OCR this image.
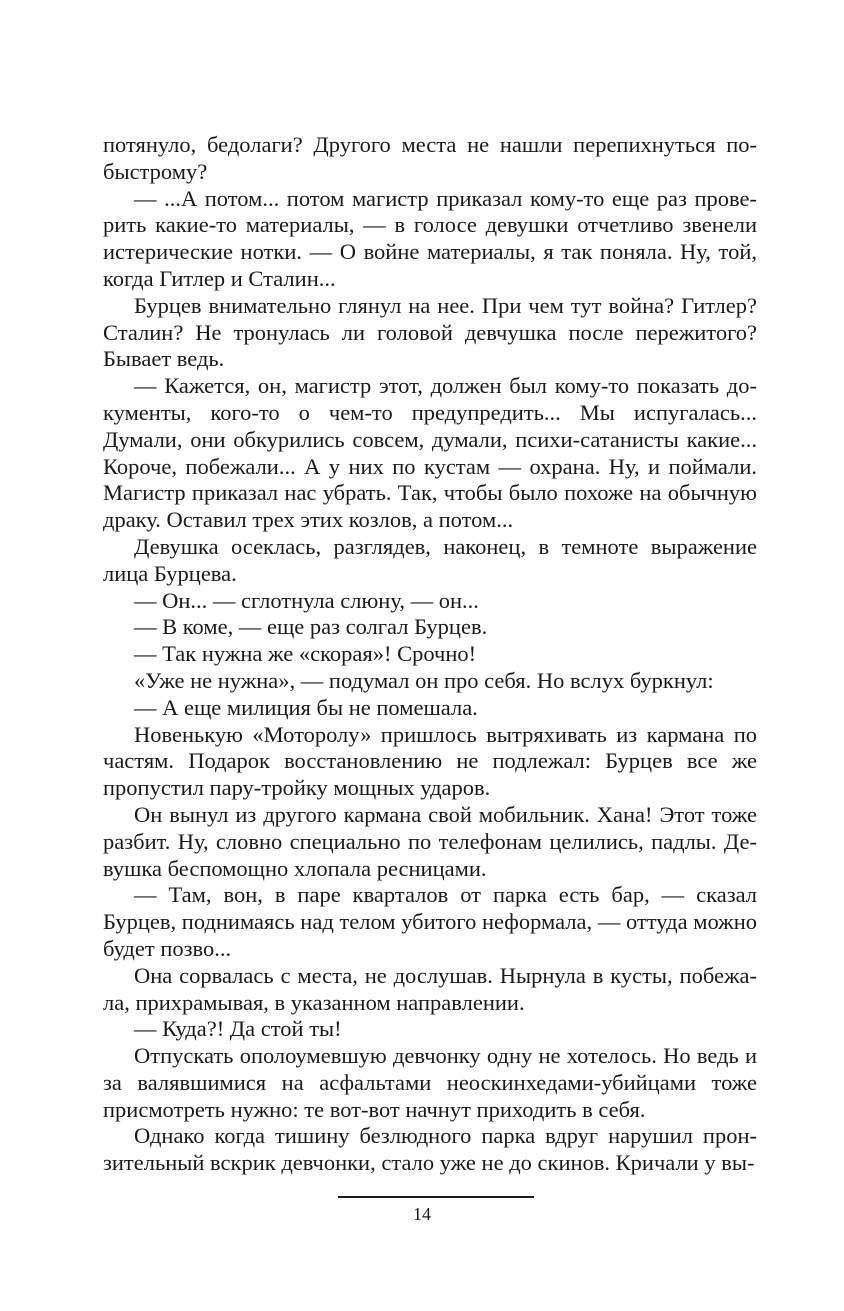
потянуло, бедолаги? Другого места не нашли перепихнуться побыстрому?

— ...А потом... потом магистр приказал кому-то еще раз проверить какие-то материалы, — в голосе девушки отчетливо звенели истерические нотки. — О войне материалы, я так поняла. Ну, той, когда Гитлер и Сталин...

Бурцев внимательно глянул на нее. При чем тут война? Гитлер? Сталин? Не тронулась ли головой девчушка после пережитого? Бывает ведь.

— Кажется, он, магистр этот, должен был кому-то показать документы, кого-то о чем-то предупредить... Мы испугалась... Думали, они обкурились совсем, думали, психи-сатанисты какие... Короче, побежали... А у них по кустам — охрана. Ну, и поймали. Магистр приказал нас убрать. Так, чтобы было похоже на обычную драку. Оставил трех этих козлов, а потом...

Девушка осеклась, разглядев, наконец, в темноте выражение лица Бурцева.

— Он... — сглотнула слюну, — он...

— В коме, — еще раз солгал Бурцев.

— Так нужна же «скорая»! Срочно!

«Уже не нужна», — подумал он про себя. Но вслух буркнул:

— А еще милиция бы не помешала.

Новенькую «Моторолу» пришлось вытряхивать из кармана по частям. Подарок восстановлению не подлежал: Бурцев все же пропустил пару-тройку мощных ударов.

Он вынул из другого кармана свой мобильник. Хана! Этот тоже разбит. Ну, словно специально по телефонам целились, падлы. Девушка беспомощно хлопала ресницами.

— Там, вон, в паре кварталов от парка есть бар, — сказал Бурцев, поднимаясь над телом убитого неформала, — оттуда можно будет позво...

Она сорвалась с места, не дослушав. Нырнула в кусты, побежала, прихрамывая, в указанном направлении.

— Куда?! Да стой ты!

Отпускать ополоумевшую девчонку одну не хотелось. Но ведь и за валявшимися на асфальтами неоскинхедами-убийцами тоже присмотреть нужно: те вот-вот начнут приходить в себя.

Однако когда тишину безлюдного парка вдруг нарушил пронзительный вскрик девчонки, стало уже не до скинов. Кричали у вы-

14
